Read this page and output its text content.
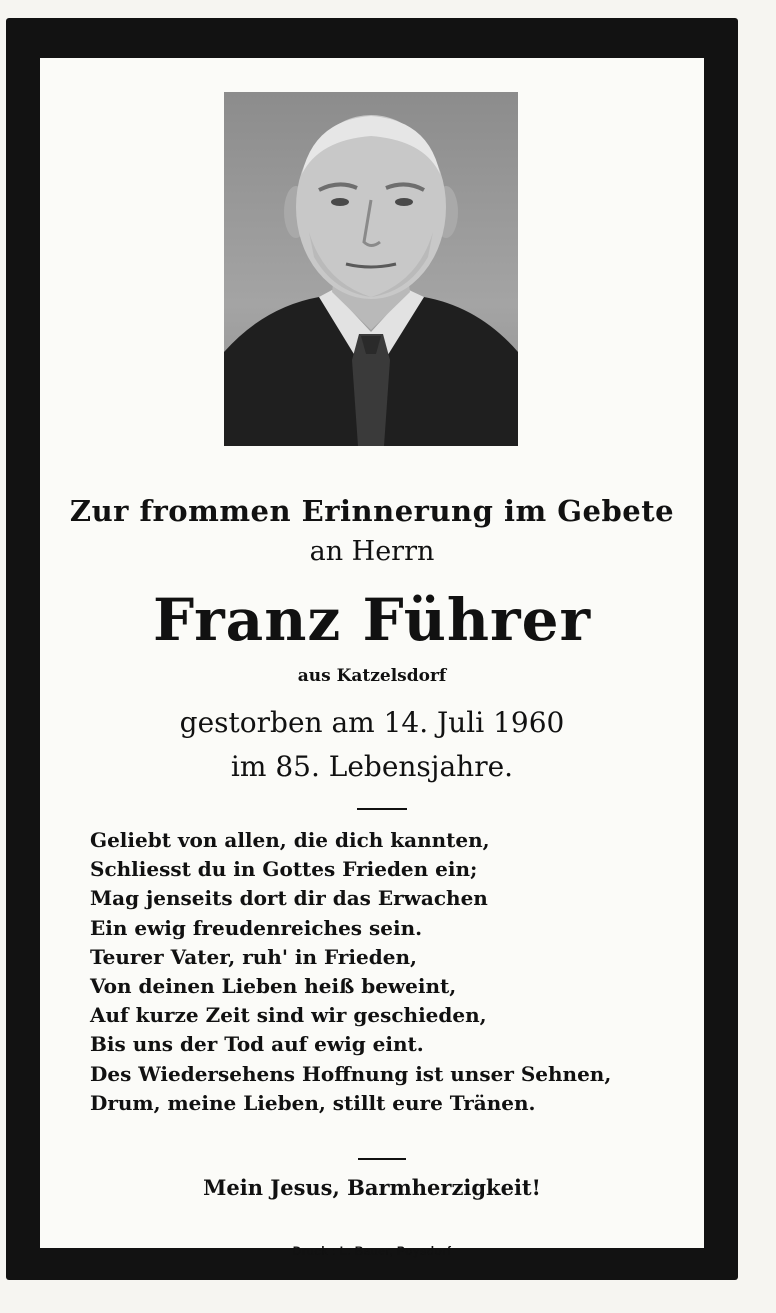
Zur frommen Erinnerung im Gebete
an Herrn
Franz Führer
aus Katzelsdorf
gestorben am 14. Juli 1960
im 85. Lebensjahre.
Geliebt von allen, die dich kannten,
Schliesst du in Gottes Frieden ein;
Mag jenseits dort dir das Erwachen
Ein ewig freudenreiches sein.
Teurer Vater, ruh' in Frieden,
Von deinen Lieben heiß beweint,
Auf kurze Zeit sind wir geschieden,
Bis uns der Tod auf ewig eint.
Des Wiedersehens Hoffnung ist unser Sehnen,
Drum, meine Lieben, stillt eure Tränen.
Mein Jesus, Barmherzigkeit!
Druck : L. Bauer, Poysdorf
